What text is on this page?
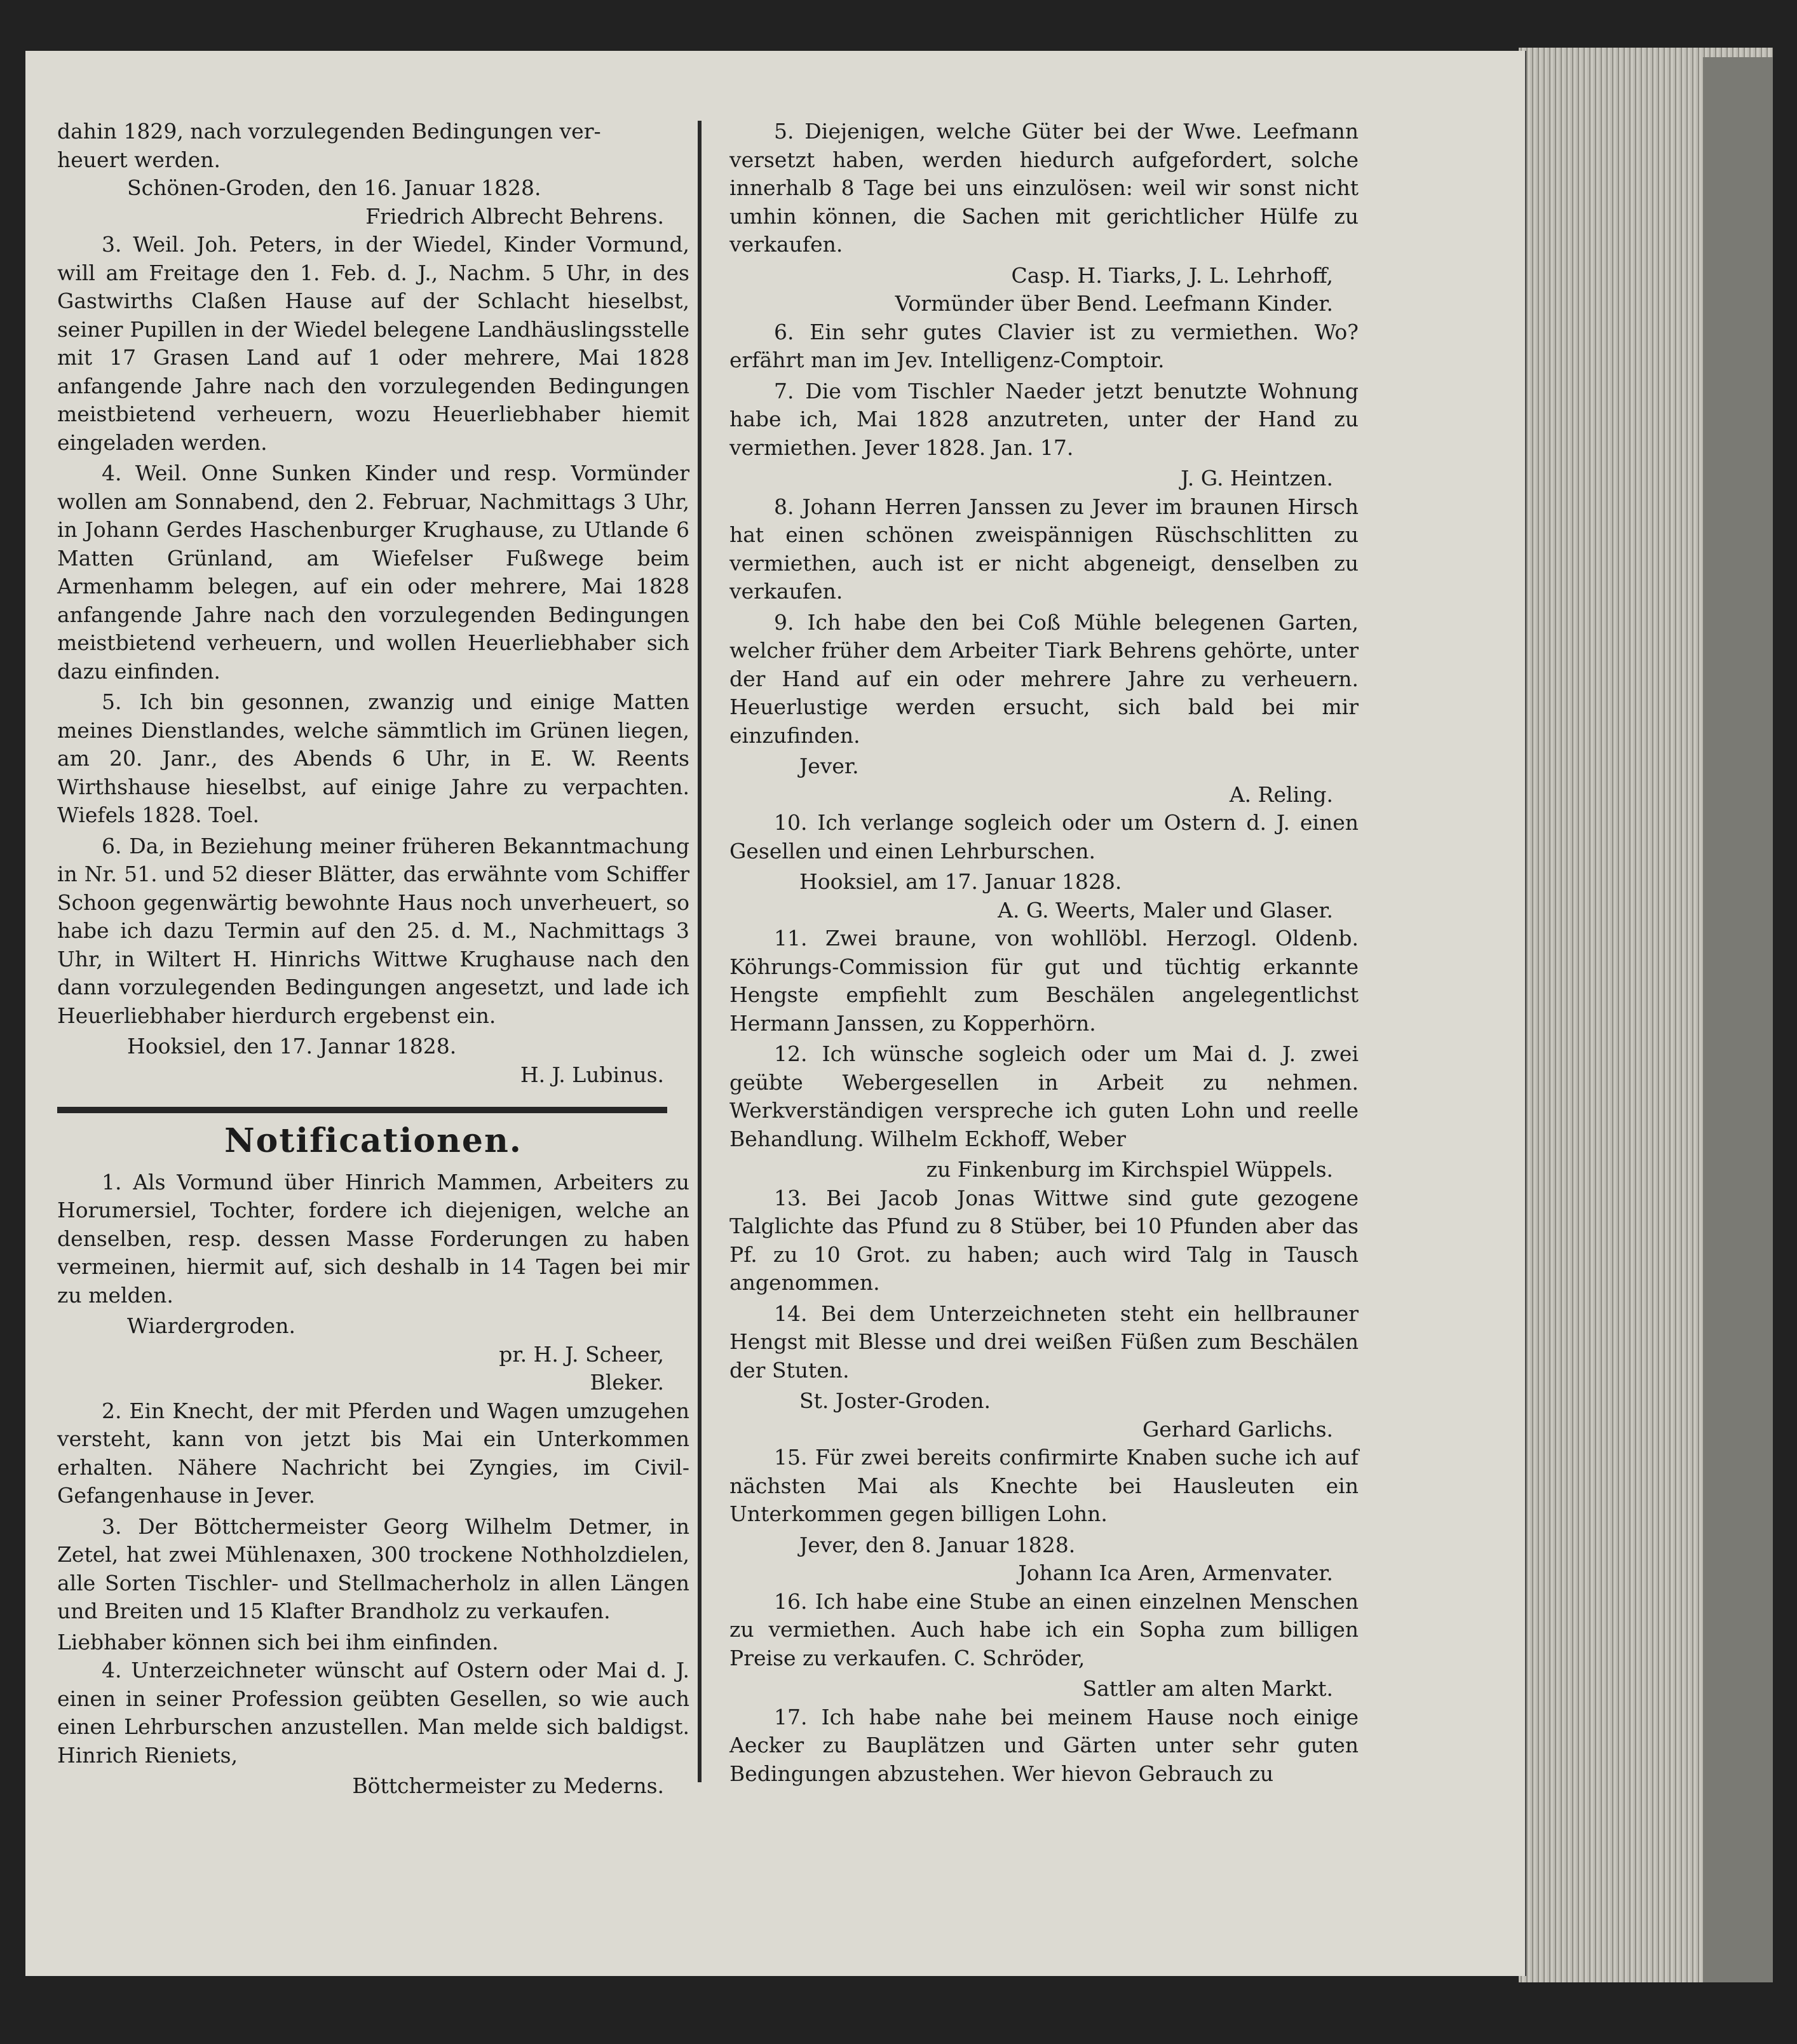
dahin 1829, nach vorzulegenden Bedingungen ver-

heuert werden.

Schönen-Groden, den 16. Januar 1828.

Friedrich Albrecht Behrens.

3. Weil. Joh. Peters, in der Wiedel, Kinder Vormund, will am Freitage den 1. Feb. d. J., Nachm. 5 Uhr, in des Gastwirths Claßen Hause auf der Schlacht hieselbst, seiner Pupillen in der Wiedel belegene Landhäuslingsstelle mit 17 Grasen Land auf 1 oder mehrere, Mai 1828 anfangende Jahre nach den vorzulegenden Bedingungen meistbietend verheuern, wozu Heuerliebhaber hiemit eingeladen werden.

4. Weil. Onne Sunken Kinder und resp. Vormünder wollen am Sonnabend, den 2. Februar, Nachmittags 3 Uhr, in Johann Gerdes Haschenburger Krughause, zu Utlande 6 Matten Grünland, am Wiefelser Fußwege beim Armenhamm belegen, auf ein oder mehrere, Mai 1828 anfangende Jahre nach den vorzulegenden Bedingungen meistbietend verheuern, und wollen Heuerliebhaber sich dazu einfinden.

5. Ich bin gesonnen, zwanzig und einige Matten meines Dienstlandes, welche sämmtlich im Grünen liegen, am 20. Janr., des Abends 6 Uhr, in E. W. Reents Wirthshause hieselbst, auf einige Jahre zu verpachten. Wiefels 1828. Toel.

6. Da, in Beziehung meiner früheren Bekanntmachung in Nr. 51. und 52 dieser Blätter, das erwähnte vom Schiffer Schoon gegenwärtig bewohnte Haus noch unverheuert, so habe ich dazu Termin auf den 25. d. M., Nachmittags 3 Uhr, in Wiltert H. Hinrichs Wittwe Krughause nach den dann vorzulegenden Bedingungen angesetzt, und lade ich Heuerliebhaber hierdurch ergebenst ein.

Hooksiel, den 17. Jannar 1828.

H. J. Lubinus.

Notificationen.

1. Als Vormund über Hinrich Mammen, Arbeiters zu Horumersiel, Tochter, fordere ich diejenigen, welche an denselben, resp. dessen Masse Forderungen zu haben vermeinen, hiermit auf, sich deshalb in 14 Tagen bei mir zu melden.

Wiardergroden.

pr. H. J. Scheer,

Bleker.

2. Ein Knecht, der mit Pferden und Wagen umzugehen versteht, kann von jetzt bis Mai ein Unterkommen erhalten. Nähere Nachricht bei Zyngies, im Civil-Gefangenhause in Jever.

3. Der Böttchermeister Georg Wilhelm Detmer, in Zetel, hat zwei Mühlenaxen, 300 trockene Nothholzdielen, alle Sorten Tischler- und Stellmacherholz in allen Längen und Breiten und 15 Klafter Brandholz zu verkaufen.

Liebhaber können sich bei ihm einfinden.

4. Unterzeichneter wünscht auf Ostern oder Mai d. J. einen in seiner Profession geübten Gesellen, so wie auch einen Lehrburschen anzustellen. Man melde sich baldigst. Hinrich Rieniets,

Böttchermeister zu Mederns.

5. Diejenigen, welche Güter bei der Wwe. Leefmann versetzt haben, werden hiedurch aufgefordert, solche innerhalb 8 Tage bei uns einzulösen: weil wir sonst nicht umhin können, die Sachen mit gerichtlicher Hülfe zu verkaufen.

Casp. H. Tiarks, J. L. Lehrhoff,

Vormünder über Bend. Leefmann Kinder.

6. Ein sehr gutes Clavier ist zu vermiethen. Wo? erfährt man im Jev. Intelligenz-Comptoir.

7. Die vom Tischler Naeder jetzt benutzte Wohnung habe ich, Mai 1828 anzutreten, unter der Hand zu vermiethen. Jever 1828. Jan. 17.

J. G. Heintzen.

8. Johann Herren Janssen zu Jever im braunen Hirsch hat einen schönen zweispännigen Rüschschlitten zu vermiethen, auch ist er nicht abgeneigt, denselben zu verkaufen.

9. Ich habe den bei Coß Mühle belegenen Garten, welcher früher dem Arbeiter Tiark Behrens gehörte, unter der Hand auf ein oder mehrere Jahre zu verheuern. Heuerlustige werden ersucht, sich bald bei mir einzufinden.

Jever.

A. Reling.

10. Ich verlange sogleich oder um Ostern d. J. einen Gesellen und einen Lehrburschen.

Hooksiel, am 17. Januar 1828.

A. G. Weerts, Maler und Glaser.

11. Zwei braune, von wohllöbl. Herzogl. Oldenb. Köhrungs-Commission für gut und tüchtig erkannte Hengste empfiehlt zum Beschälen angelegentlichst Hermann Janssen, zu Kopperhörn.

12. Ich wünsche sogleich oder um Mai d. J. zwei geübte Webergesellen in Arbeit zu nehmen. Werkverständigen verspreche ich guten Lohn und reelle Behandlung. Wilhelm Eckhoff, Weber

zu Finkenburg im Kirchspiel Wüppels.

13. Bei Jacob Jonas Wittwe sind gute gezogene Talglichte das Pfund zu 8 Stüber, bei 10 Pfunden aber das Pf. zu 10 Grot. zu haben; auch wird Talg in Tausch angenommen.

14. Bei dem Unterzeichneten steht ein hellbrauner Hengst mit Blesse und drei weißen Füßen zum Beschälen der Stuten.

St. Joster-Groden.

Gerhard Garlichs.

15. Für zwei bereits confirmirte Knaben suche ich auf nächsten Mai als Knechte bei Hausleuten ein Unterkommen gegen billigen Lohn.

Jever, den 8. Januar 1828.

Johann Ica Aren, Armenvater.

16. Ich habe eine Stube an einen einzelnen Menschen zu vermiethen. Auch habe ich ein Sopha zum billigen Preise zu verkaufen. C. Schröder,

Sattler am alten Markt.

17. Ich habe nahe bei meinem Hause noch einige Aecker zu Bauplätzen und Gärten unter sehr guten Bedingungen abzustehen. Wer hievon Gebrauch zu
